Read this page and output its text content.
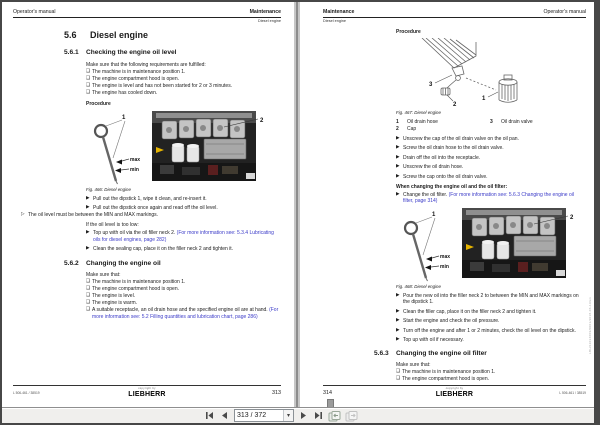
Operator's manual	Maintenance
Diesel engine
5.6	Diesel engine
5.6.1	Checking the engine oil level

Make sure that the following requirements are fulfilled:

❑ The machine is in maintenance position 1.
❑ The engine compartment hood is open.
❑ The engine is level and has not been started for 2 or 3 minutes.
❑ The engine has cooled down.

Procedure

1
max
min
2

Fig. 466: Diesel engine

▶ Pull out the dipstick 1, wipe it clean, and re-insert it.
▶ Pull out the dipstick once again and read off the oil level.
▷ The oil level must be between the MIN and MAX markings.

If the oil level is too low:

▶ Top up with oil via the oil filler neck 2. (For more information see: 5.3.4 Lubricating oils for diesel engines, page 282)
▶ Clean the sealing cap, place it on the filler neck 2 and tighten it.
5.6.2	Changing the engine oil

Make sure that:

❑ The machine is in maintenance position 1.
❑ The engine compartment hood is open.
❑ The engine is level.
❑ The engine is warm.
❑ A suitable receptacle, an oil drain hose and the specified engine oil are at hand. (For more information see: 5.2 Filling quantities and lubrication chart, page 286)
L 506-461 / 38519
copyright by
LIEBHERR	313
Maintenance	Operator's manual
Diesel engine

Procedure

3
2
1

Fig. 467: Diesel engine

1	Oil drain hose
2	Cap
3	Oil drain valve
▶ Unscrew the cap of the oil drain valve on the oil pan.
▶ Screw the oil drain hose to the oil drain valve.
▶ Drain off the oil into the receptacle.
▶ Unscrew the oil drain hose.
▶ Screw the cap onto the oil drain valve.

When changing the engine oil and the oil filter:

▶ Change the oil filter. (For more information see: 5.6.3 Changing the engine oil filter, page 314)
1
max
min
2

Fig. 468: Diesel engine

▶ Pour the new oil into the filler neck 2 to between the MIN and MAX markings on the dipstick 1.
▶ Clean the filler cap, place it on the filler neck 2 and tighten it.
▶ Start the engine and check the oil pressure.
▶ Turn off the engine and after 1 or 2 minutes, check the oil level on the dipstick.
▶ Top up with oil if necessary.
5.6.3	Changing the engine oil filter

Make sure that:

❑ The machine is in maintenance position 1.
❑ The engine compartment hood is open.
LBH/11034609/0001/2018-06-19/en
314
copyright by
LIEBHERR	L 506-461 / 38519
313 / 372
▾
